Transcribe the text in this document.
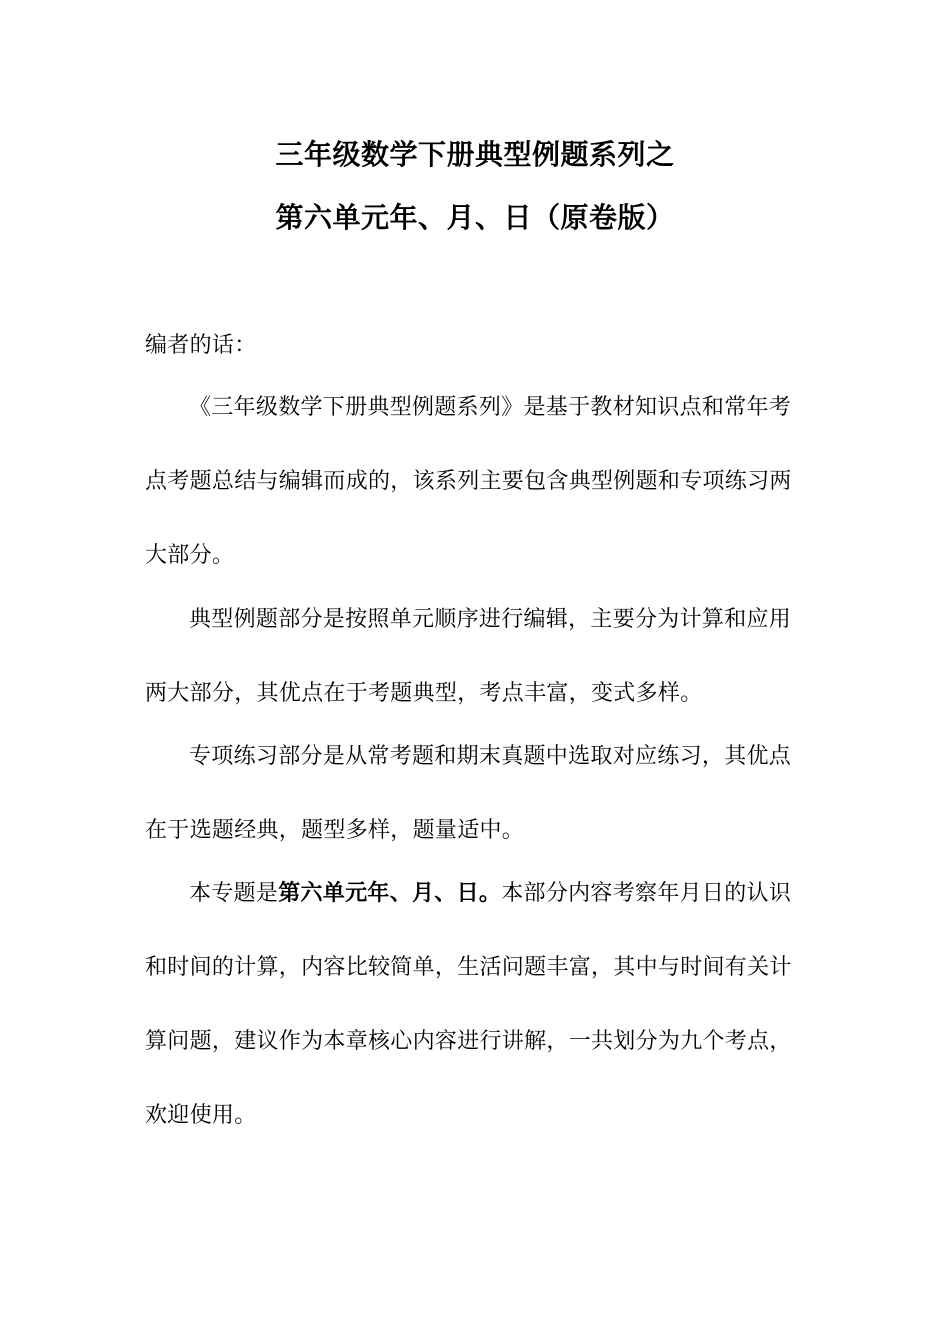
三年级数学下册典型例题系列之
第六单元年、月、日（原卷版）

编者的话：

《三年级数学下册典型例题系列》是基于教材知识点和常年考点考题总结与编辑而成的，该系列主要包含典型例题和专项练习两大部分。

典型例题部分是按照单元顺序进行编辑，主要分为计算和应用两大部分，其优点在于考题典型，考点丰富，变式多样。

专项练习部分是从常考题和期末真题中选取对应练习，其优点在于选题经典，题型多样，题量适中。

本专题是第六单元年、月、日。本部分内容考察年月日的认识和时间的计算，内容比较简单，生活问题丰富，其中与时间有关计算问题，建议作为本章核心内容进行讲解，一共划分为九个考点，欢迎使用。
